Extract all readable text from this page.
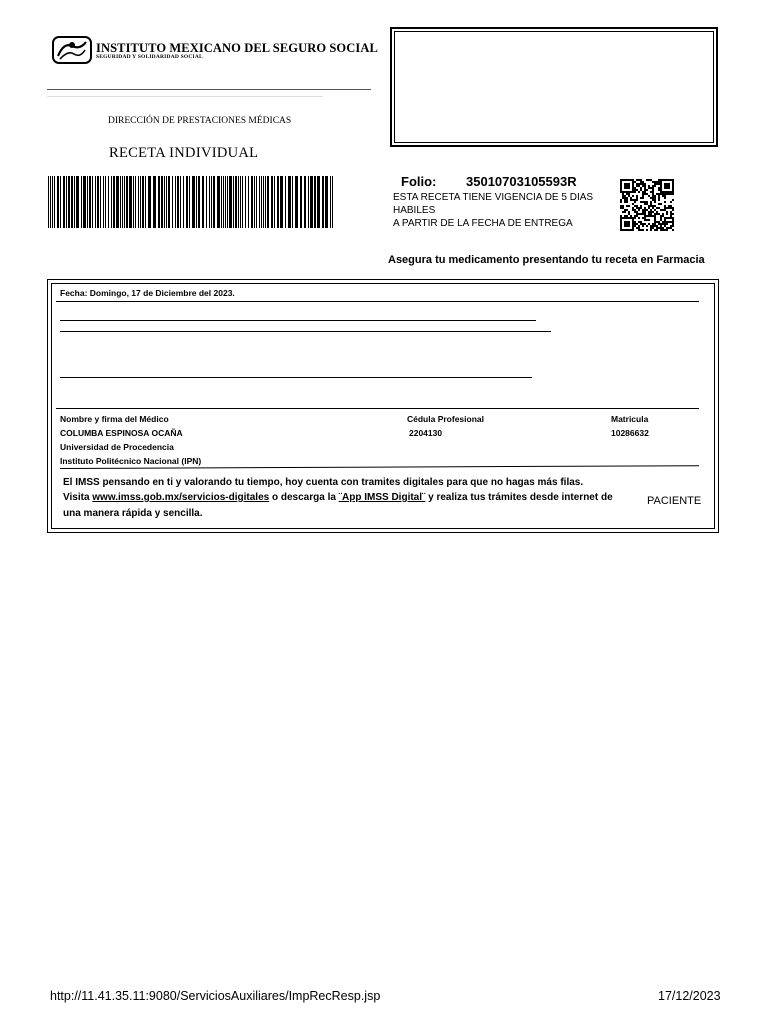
INSTITUTO MEXICANO DEL SEGURO SOCIAL
SEGURIDAD Y SOLIDARIDAD SOCIAL
DIRECCIÓN DE PRESTACIONES MÉDICAS
RECETA INDIVIDUAL
Folio: 35010703105593R
ESTA RECETA TIENE VIGENCIA DE 5 DIAS
HABILES
A PARTIR DE LA FECHA DE ENTREGA
Asegura tu medicamento presentando tu receta en Farmacia
Fecha: Domingo, 17 de Diciembre del 2023.
Nombre y firma del Médico
COLUMBA ESPINOSA OCAÑA
Universidad de Procedencia
Instituto Politécnico Nacional (IPN)
Cédula Profesional
2204130
Matricula
10286632
El IMSS pensando en ti y valorando tu tiempo, hoy cuenta con tramites digitales para que no hagas más filas.
Visita www.imss.gob.mx/servicios-digitales o descarga la ¨App IMSS Digital¨ y realiza tus trámites desde internet de
una manera rápida y sencilla.
PACIENTE
http://11.41.35.11:9080/ServiciosAuxiliares/ImpRecResp.jsp	17/12/2023
